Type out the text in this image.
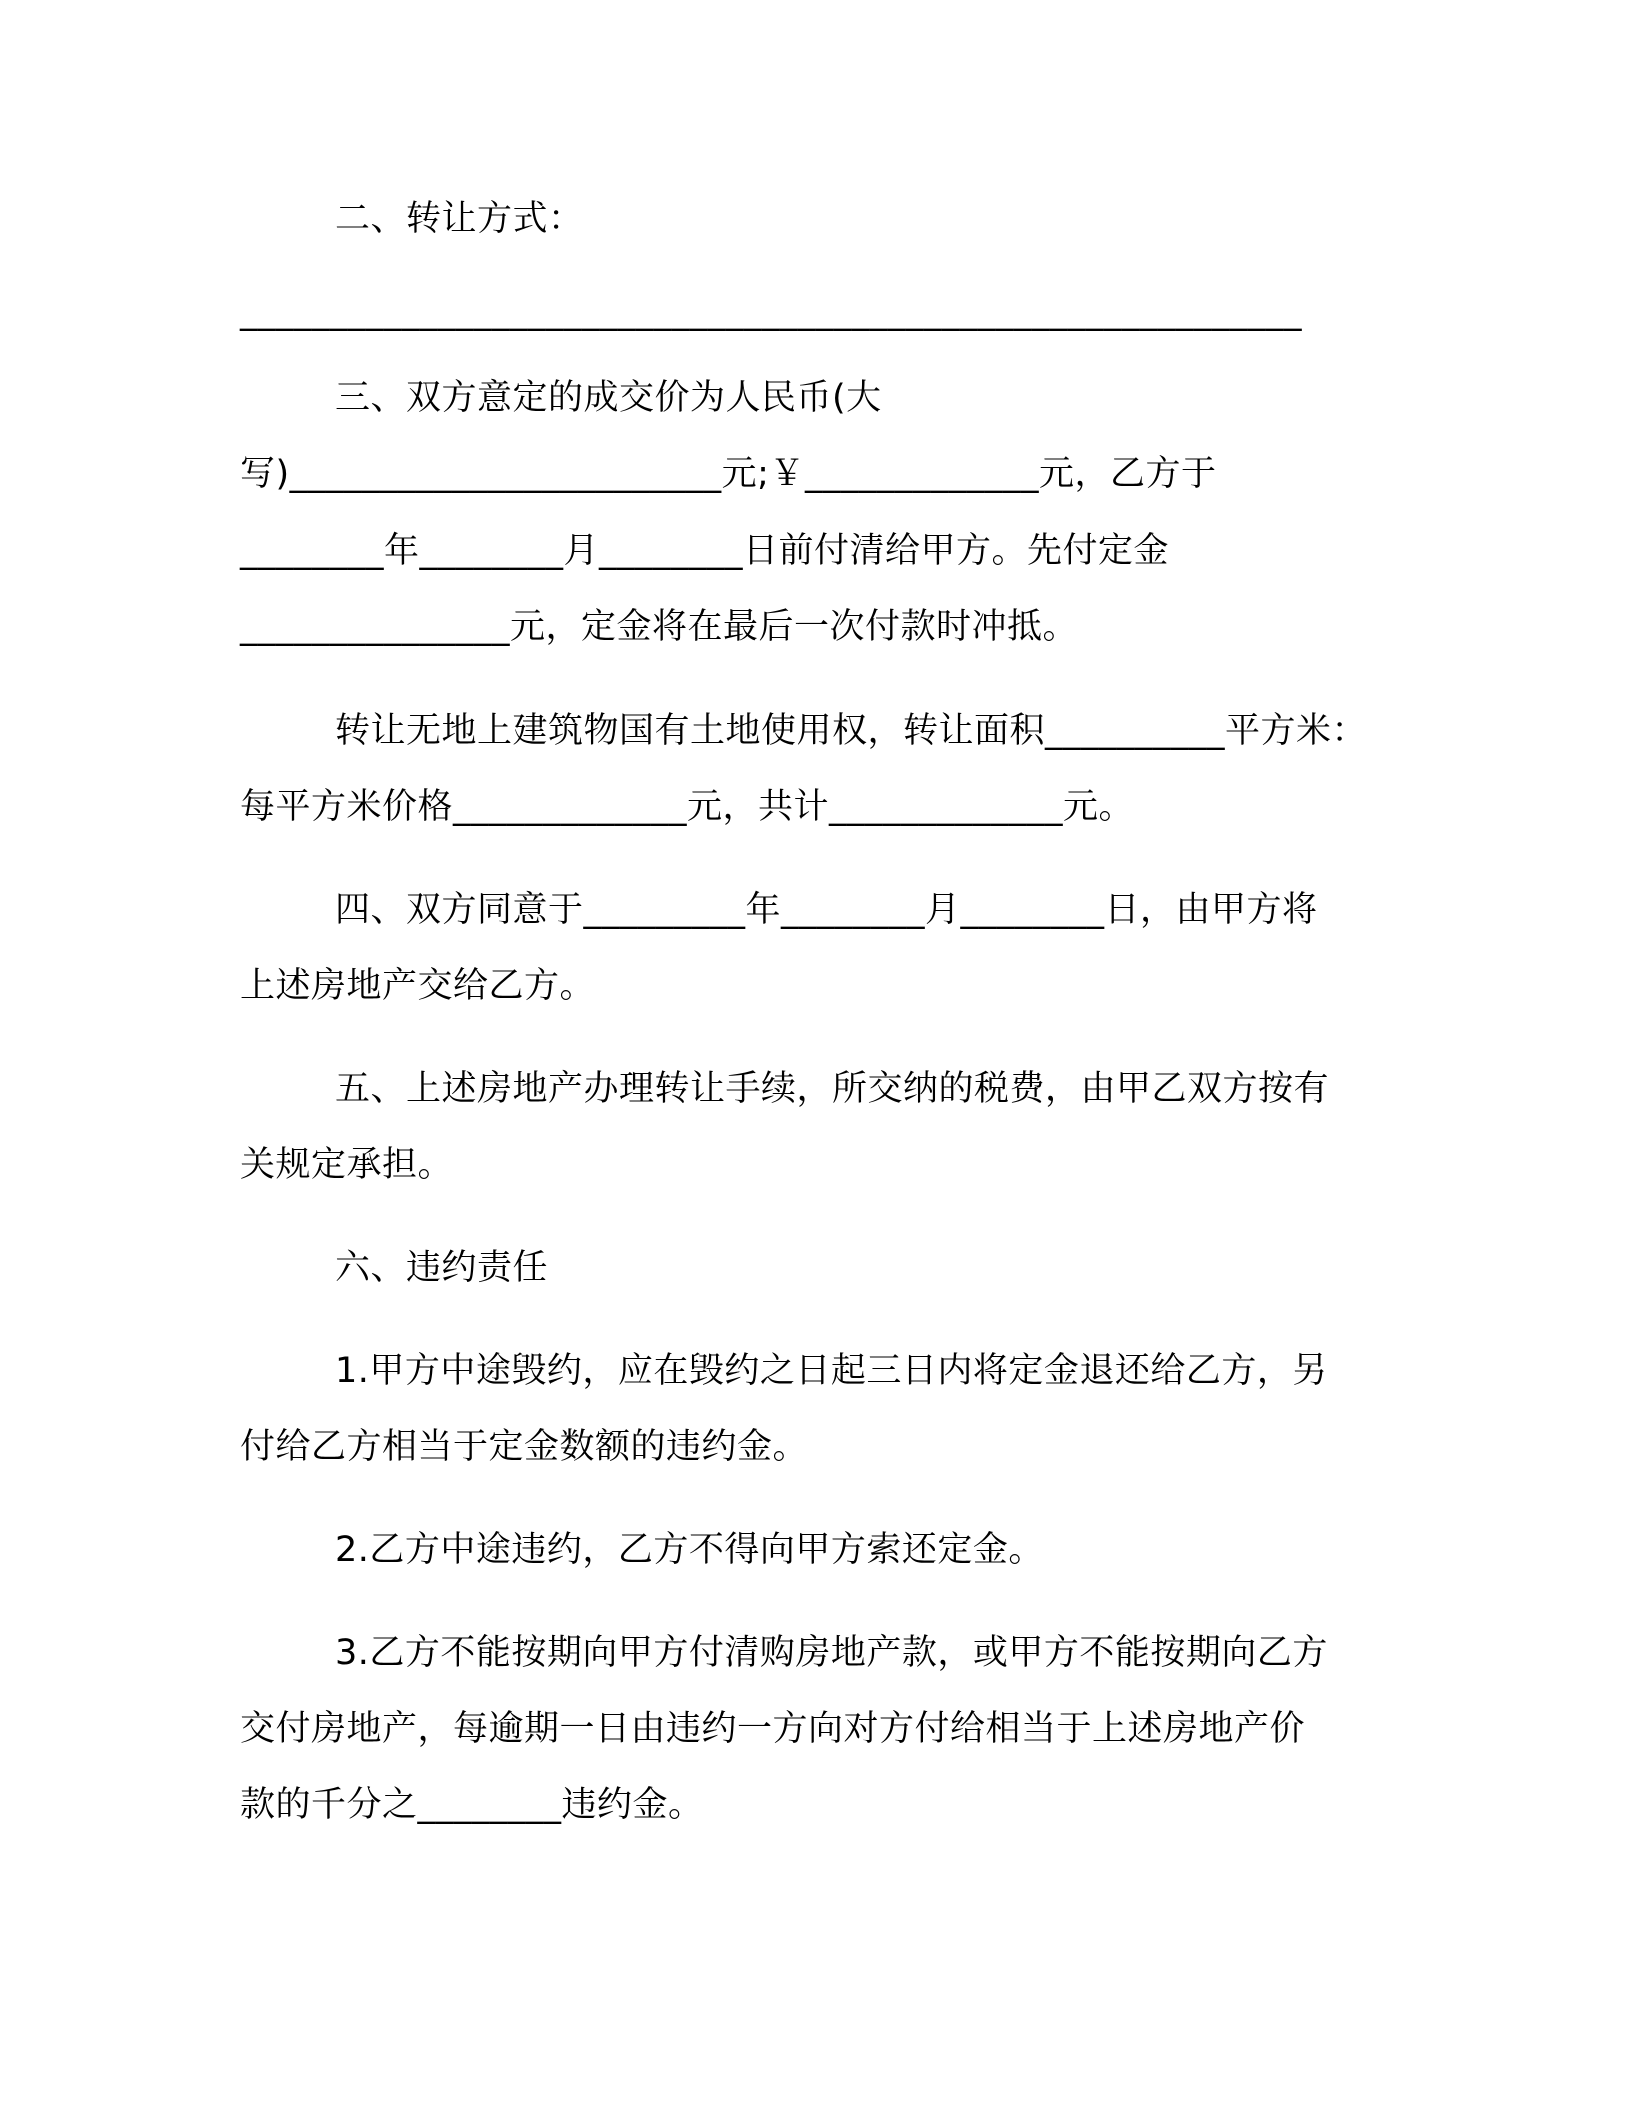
二、转让方式：
___________________________________________________________
三、双方意定的成交价为人民币(大
写)________________________元;￥_____________元，乙方于
________年________月________日前付清给甲方。先付定金
_______________元，定金将在最后一次付款时冲抵。
转让无地上建筑物国有土地使用权，转让面积__________平方米：
每平方米价格_____________元，共计_____________元。
四、双方同意于_________年________月________日，由甲方将
上述房地产交给乙方。
五、上述房地产办理转让手续，所交纳的税费，由甲乙双方按有
关规定承担。
六、违约责任
1.甲方中途毁约，应在毁约之日起三日内将定金退还给乙方，另
付给乙方相当于定金数额的违约金。
2.乙方中途违约，乙方不得向甲方索还定金。
3.乙方不能按期向甲方付清购房地产款，或甲方不能按期向乙方
交付房地产，每逾期一日由违约一方向对方付给相当于上述房地产价
款的千分之________违约金。
